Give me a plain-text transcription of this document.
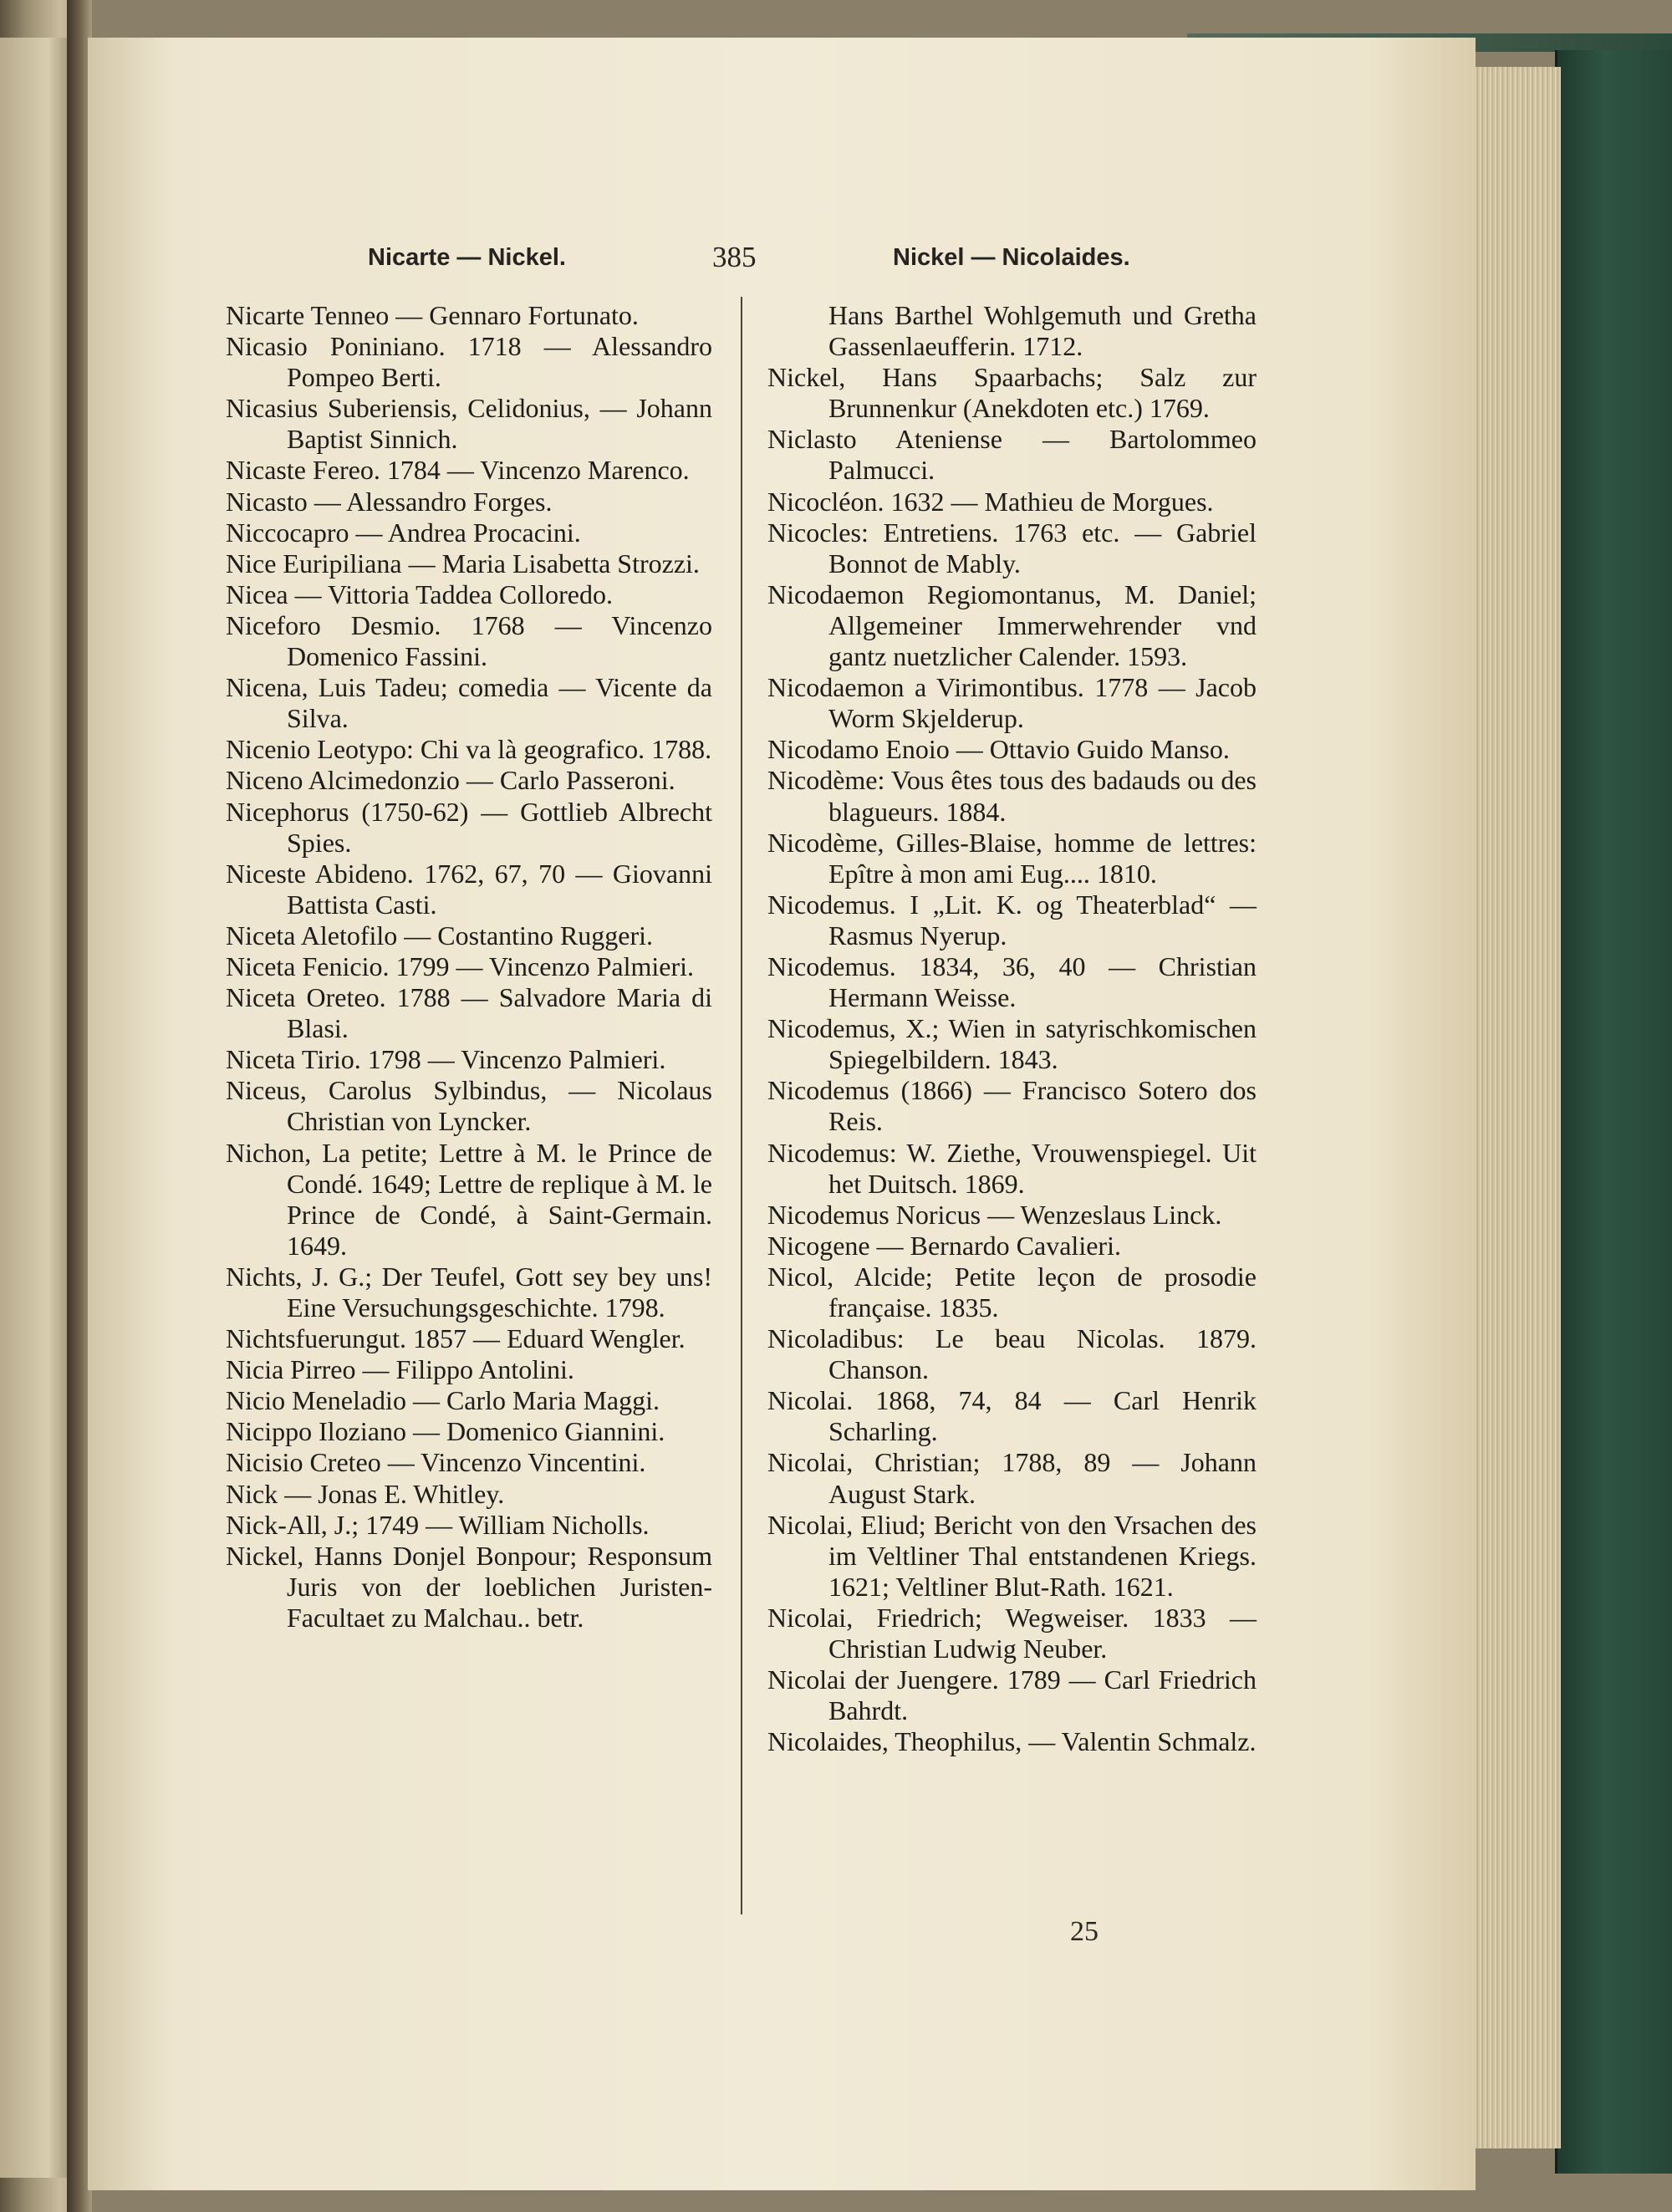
Nicarte — Nickel.	385	Nickel — Nicolaides.
Nicarte Tenneo — Gennaro Fortunato.
Nicasio Poniniano. 1718 — Alessandro Pompeo Berti.
Nicasius Suberiensis, Celidonius, — Johann Baptist Sinnich.
Nicaste Fereo. 1784 — Vincenzo Marenco.
Nicasto — Alessandro Forges.
Niccocapro — Andrea Procacini.
Nice Euripiliana — Maria Lisabetta Strozzi.
Nicea — Vittoria Taddea Colloredo.
Niceforo Desmio. 1768 — Vincenzo Domenico Fassini.
Nicena, Luis Tadeu; comedia — Vicente da Silva.
Nicenio Leotypo: Chi va là geografico. 1788.
Niceno Alcimedonzio — Carlo Passeroni.
Nicephorus (1750-62) — Gottlieb Albrecht Spies.
Niceste Abideno. 1762, 67, 70 — Giovanni Battista Casti.
Niceta Aletofilo — Costantino Ruggeri.
Niceta Fenicio. 1799 — Vincenzo Palmieri.
Niceta Oreteo. 1788 — Salvadore Maria di Blasi.
Niceta Tirio. 1798 — Vincenzo Palmieri.
Niceus, Carolus Sylbindus, — Nicolaus Christian von Lyncker.
Nichon, La petite; Lettre à M. le Prince de Condé. 1649; Lettre de replique à M. le Prince de Condé, à Saint-Germain. 1649.
Nichts, J. G.; Der Teufel, Gott sey bey uns! Eine Versuchungsgeschichte. 1798.
Nichtsfuerungut. 1857 — Eduard Wengler.
Nicia Pirreo — Filippo Antolini.
Nicio Meneladio — Carlo Maria Maggi.
Nicippo Iloziano — Domenico Giannini.
Nicisio Creteo — Vincenzo Vincentini.
Nick — Jonas E. Whitley.
Nick-All, J.; 1749 — William Nicholls.
Nickel, Hanns Donjel Bonpour; Responsum Juris von der loeblichen Juristen-Facultaet zu Malchau.. betr.
Hans Barthel Wohlgemuth und Gretha Gassenlaeufferin. 1712.
Nickel, Hans Spaarbachs; Salz zur Brunnenkur (Anekdoten etc.) 1769.
Niclasto Ateniense — Bartolommeo Palmucci.
Nicocléon. 1632 — Mathieu de Morgues.
Nicocles: Entretiens. 1763 etc. — Gabriel Bonnot de Mably.
Nicodaemon Regiomontanus, M. Daniel; Allgemeiner Immerwehrender vnd gantz nuetzlicher Calender. 1593.
Nicodaemon a Virimontibus. 1778 — Jacob Worm Skjelderup.
Nicodamo Enoio — Ottavio Guido Manso.
Nicodème: Vous êtes tous des badauds ou des blagueurs. 1884.
Nicodème, Gilles-Blaise, homme de lettres: Epître à mon ami Eug.... 1810.
Nicodemus. I „Lit. K. og Theaterblad“ — Rasmus Nyerup.
Nicodemus. 1834, 36, 40 — Christian Hermann Weisse.
Nicodemus, X.; Wien in satyrischkomischen Spiegelbildern. 1843.
Nicodemus (1866) — Francisco Sotero dos Reis.
Nicodemus: W. Ziethe, Vrouwenspiegel. Uit het Duitsch. 1869.
Nicodemus Noricus — Wenzeslaus Linck.
Nicogene — Bernardo Cavalieri.
Nicol, Alcide; Petite leçon de prosodie française. 1835.
Nicoladibus: Le beau Nicolas. 1879. Chanson.
Nicolai. 1868, 74, 84 — Carl Henrik Scharling.
Nicolai, Christian; 1788, 89 — Johann August Stark.
Nicolai, Eliud; Bericht von den Vrsachen des im Veltliner Thal entstandenen Kriegs. 1621; Veltliner Blut-Rath. 1621.
Nicolai, Friedrich; Wegweiser. 1833 — Christian Ludwig Neuber.
Nicolai der Juengere. 1789 — Carl Friedrich Bahrdt.
Nicolaides, Theophilus, — Valentin Schmalz.
25
